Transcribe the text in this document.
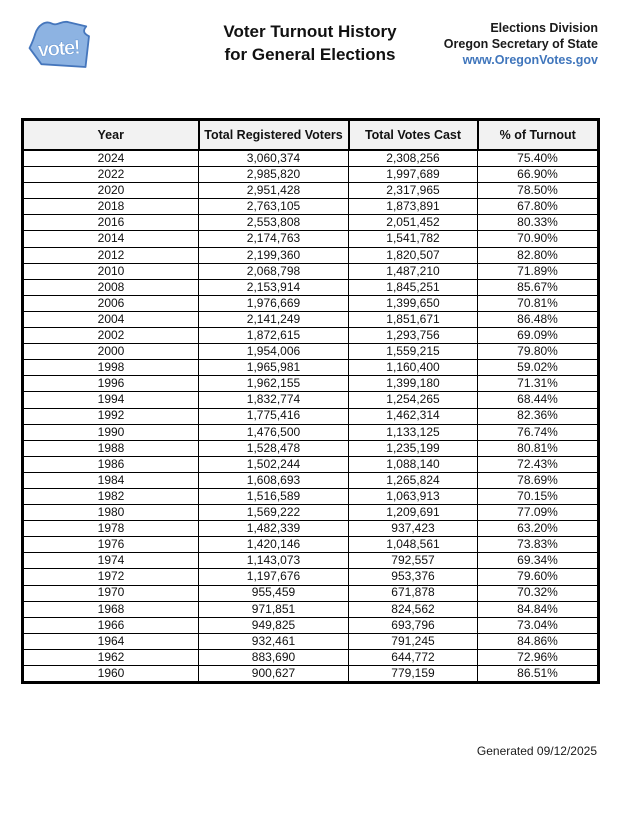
vote!
Voter Turnout History
for General Elections
Elections Division
Oregon Secretary of State
www.OregonVotes.gov
Year	Total Registered Voters	Total Votes Cast	% of Turnout
2024	3,060,374	2,308,256	75.40%
2022	2,985,820	1,997,689	66.90%
2020	2,951,428	2,317,965	78.50%
2018	2,763,105	1,873,891	67.80%
2016	2,553,808	2,051,452	80.33%
2014	2,174,763	1,541,782	70.90%
2012	2,199,360	1,820,507	82.80%
2010	2,068,798	1,487,210	71.89%
2008	2,153,914	1,845,251	85.67%
2006	1,976,669	1,399,650	70.81%
2004	2,141,249	1,851,671	86.48%
2002	1,872,615	1,293,756	69.09%
2000	1,954,006	1,559,215	79.80%
1998	1,965,981	1,160,400	59.02%
1996	1,962,155	1,399,180	71.31%
1994	1,832,774	1,254,265	68.44%
1992	1,775,416	1,462,314	82.36%
1990	1,476,500	1,133,125	76.74%
1988	1,528,478	1,235,199	80.81%
1986	1,502,244	1,088,140	72.43%
1984	1,608,693	1,265,824	78.69%
1982	1,516,589	1,063,913	70.15%
1980	1,569,222	1,209,691	77.09%
1978	1,482,339	937,423	63.20%
1976	1,420,146	1,048,561	73.83%
1974	1,143,073	792,557	69.34%
1972	1,197,676	953,376	79.60%
1970	955,459	671,878	70.32%
1968	971,851	824,562	84.84%
1966	949,825	693,796	73.04%
1964	932,461	791,245	84.86%
1962	883,690	644,772	72.96%
1960	900,627	779,159	86.51%
Generated 09/12/2025
